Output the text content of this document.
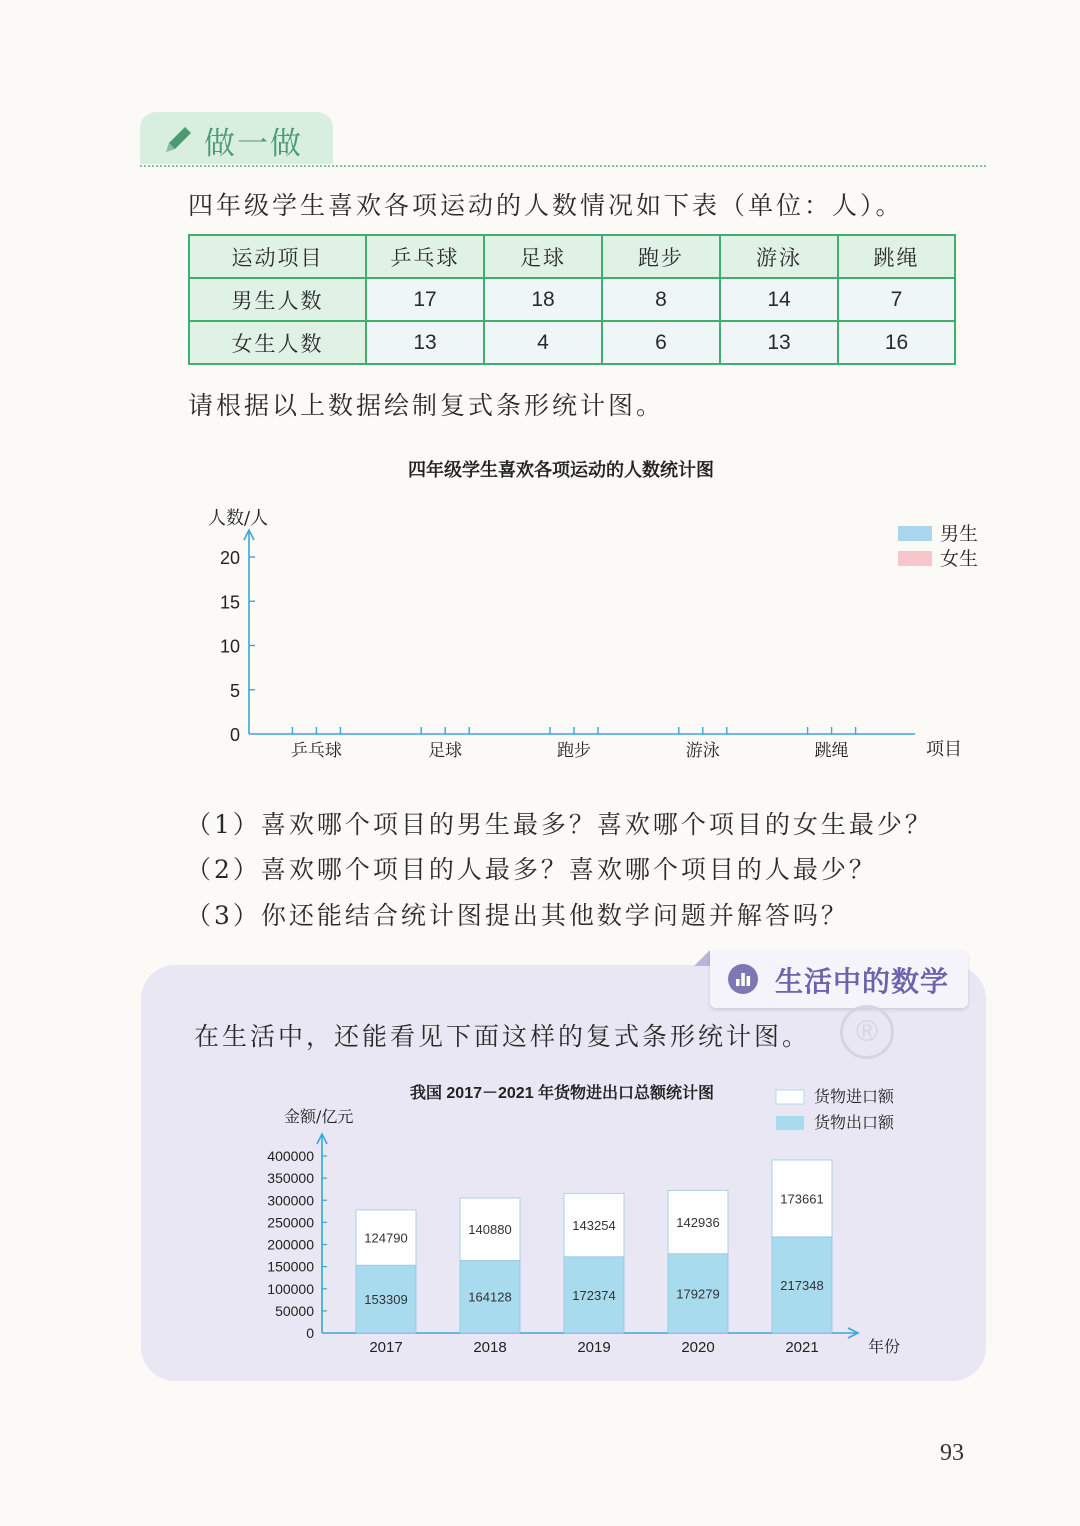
做一做
四年级学生喜欢各项运动的人数情况如下表（单位：人）。
运动项目	乒乓球	足球	跑步	游泳	跳绳
男生人数	17	18	8	14	7
女生人数	13	4	6	13	16
请根据以上数据绘制复式条形统计图。
四年级学生喜欢各项运动的人数统计图
人数/人
0
5
10
15
20
乒乓球	足球	跑步	游泳	跳绳	项目
男生
女生
（1）喜欢哪个项目的男生最多？喜欢哪个项目的女生最少？
（2）喜欢哪个项目的人最多？喜欢哪个项目的人最少？
（3）你还能结合统计图提出其他数学问题并解答吗？
生活中的数学
®
在生活中，还能看见下面这样的复式条形统计图。
我国 2017－2021 年货物进出口总额统计图
金额/亿元
货物进口额
货物出口额
0
50000
100000
150000
200000
250000
300000
350000
400000
153309
124790
2017
164128
140880
2018
172374
143254
2019
179279
142936
2020
217348
173661
2021	年份
93
